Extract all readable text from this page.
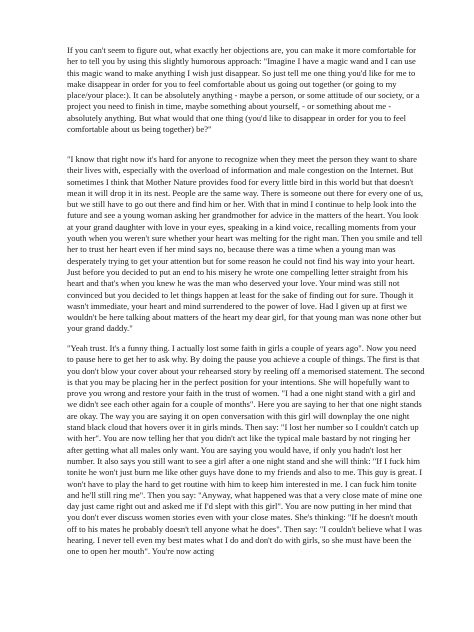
If you can't seem to figure out, what exactly her objections are, you can make it more comfortable for her to tell you by using this slightly humorous approach: "Imagine I have a magic wand and I can use this magic wand to make anything I wish just disappear. So just tell me one thing you'd like for me to make disappear in order for you to feel comfortable about us going out together (or going to my place/your place:). It can be absolutely anything - maybe a person, or some attitude of our society, or a project you need to finish in time, maybe something about yourself, - or something about me - absolutely anything. But what would that one thing (you'd like to disappear in order for you to feel comfortable about us being together) be?"

"I know that right now it's hard for anyone to recognize when they meet the person they want to share their lives with, especially with the overload of information and male congestion on the Internet. But sometimes I think that Mother Nature provides food for every little bird in this world but that doesn't mean it will drop it in its nest. People are the same way. There is someone out there for every one of us, but we still have to go out there and find him or her. With that in mind I continue to help look into the future and see a young woman asking her grandmother for advice in the matters of the heart. You look at your grand daughter with love in your eyes, speaking in a kind voice, recalling moments from your youth when you weren't sure whether your heart was melting for the right man. Then you smile and tell her to trust her heart even if her mind says no, because there was a time when a young man was desperately trying to get your attention but for some reason he could not find his way into your heart. Just before you decided to put an end to his misery he wrote one compelling letter straight from his heart and that's when you knew he was the man who deserved your love. Your mind was still not convinced but you decided to let things happen at least for the sake of finding out for sure. Though it wasn't immediate, your heart and mind surrendered to the power of love. Had I given up at first we wouldn't be here talking about matters of the heart my dear girl, for that young man was none other but your grand daddy."

"Yeah trust. It's a funny thing. I actually lost some faith in girls a couple of years ago". Now you need to pause here to get her to ask why. By doing the pause you achieve a couple of things. The first is that you don't blow your cover about your rehearsed story by reeling off a memorised statement. The second is that you may be placing her in the perfect position for your intentions. She will hopefully want to prove you wrong and restore your faith in the trust of women. "I had a one night stand with a girl and we didn't see each other again for a couple of months". Here you are saying to her that one night stands are okay. The way you are saying it on open conversation with this girl will downplay the one night stand black cloud that hovers over it in girls minds. Then say: "I lost her number so I couldn't catch up with her". You are now telling her that you didn't act like the typical male bastard by not ringing her after getting what all males only want. You are saying you would have, if only you hadn't lost her number. It also says you still want to see a girl after a one night stand and she will think: "If I fuck him tonite he won't just burn me like other guys have done to my friends and also to me. This guy is great. I won't have to play the hard to get routine with him to keep him interested in me. I can fuck him tonite and he'll still ring me". Then you say: "Anyway, what happened was that a very close mate of mine one day just came right out and asked me if I'd slept with this girl". You are now putting in her mind that you don't ever discuss women stories even with your close mates. She's thinking: "If he doesn't mouth off to his mates he probably doesn't tell anyone what he does". Then say: "I couldn't believe what I was hearing. I never tell even my best mates what I do and don't do with girls, so she must have been the one to open her mouth". You're now acting
